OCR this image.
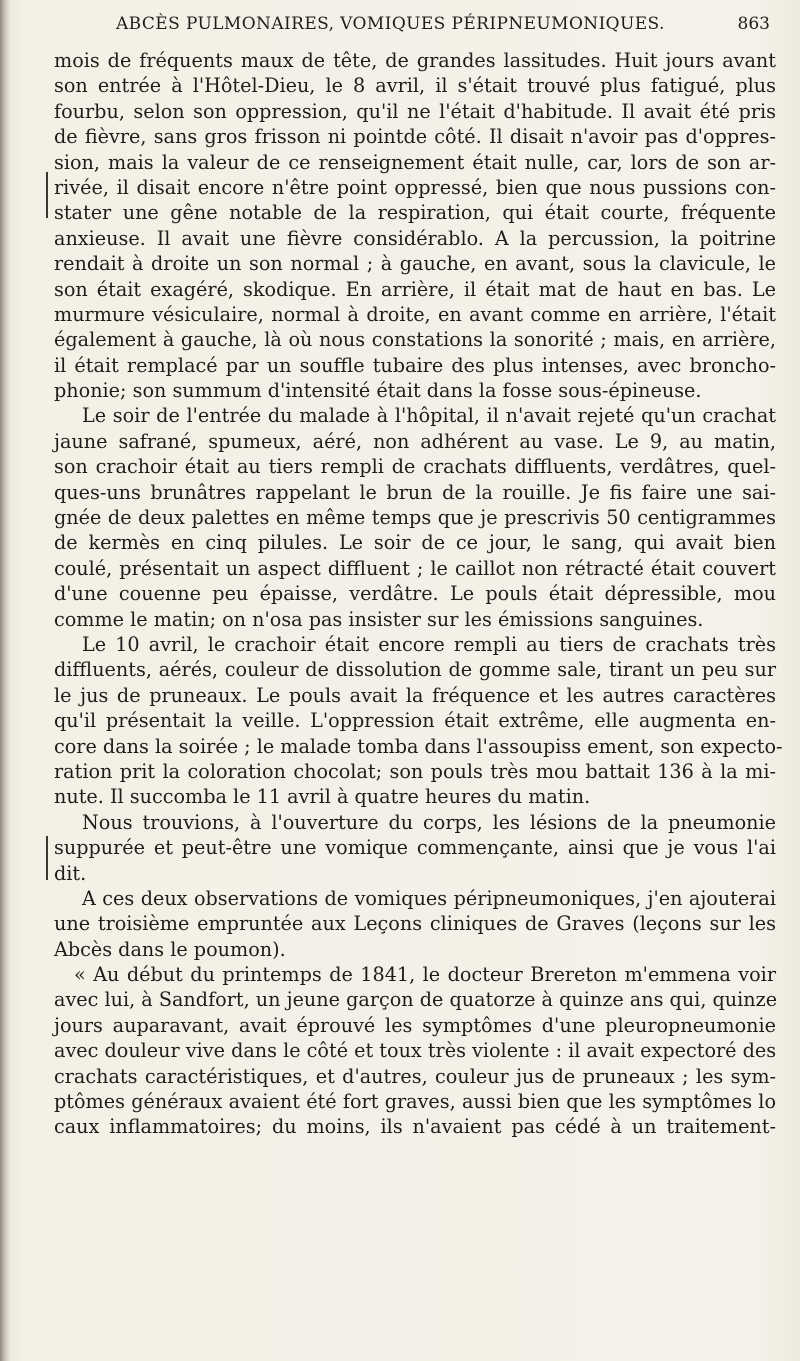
ABCÈS PULMONAIRES, VOMIQUES PÉRIPNEUMONIQUES.	863
mois de fréquents maux de tête, de grandes lassitudes. Huit jours avant
son entrée à l'Hôtel-Dieu, le 8 avril, il s'était trouvé plus fatigué, plus
fourbu, selon son oppression, qu'il ne l'était d'habitude. Il avait été pris
de fièvre, sans gros frisson ni pointde côté. Il disait n'avoir pas d'oppres-
sion, mais la valeur de ce renseignement était nulle, car, lors de son ar-
rivée, il disait encore n'être point oppressé, bien que nous pussions con-
stater une gêne notable de la respiration, qui était courte, fréquente
anxieuse. Il avait une fièvre considérablo. A la percussion, la poitrine
rendait à droite un son normal ; à gauche, en avant, sous la clavicule, le
son était exagéré, skodique. En arrière, il était mat de haut en bas. Le
murmure vésiculaire, normal à droite, en avant comme en arrière, l'était
également à gauche, là où nous constations la sonorité ; mais, en arrière,
il était remplacé par un souffle tubaire des plus intenses, avec broncho-
phonie; son summum d'intensité était dans la fosse sous-épineuse.
Le soir de l'entrée du malade à l'hôpital, il n'avait rejeté qu'un crachat
jaune safrané, spumeux, aéré, non adhérent au vase. Le 9, au matin,
son crachoir était au tiers rempli de crachats diffluents, verdâtres, quel-
ques-uns brunâtres rappelant le brun de la rouille. Je fis faire une sai-
gnée de deux palettes en même temps que je prescrivis 50 centigrammes
de kermès en cinq pilules. Le soir de ce jour, le sang, qui avait bien
coulé, présentait un aspect diffluent ; le caillot non rétracté était couvert
d'une couenne peu épaisse, verdâtre. Le pouls était dépressible, mou
comme le matin; on n'osa pas insister sur les émissions sanguines.
Le 10 avril, le crachoir était encore rempli au tiers de crachats très
diffluents, aérés, couleur de dissolution de gomme sale, tirant un peu sur
le jus de pruneaux. Le pouls avait la fréquence et les autres caractères
qu'il présentait la veille. L'oppression était extrême, elle augmenta en-
core dans la soirée ; le malade tomba dans l'assoupiss ement, son expecto-
ration prit la coloration chocolat; son pouls très mou battait 136 à la mi-
nute. Il succomba le 11 avril à quatre heures du matin.
Nous trouvions, à l'ouverture du corps, les lésions de la pneumonie
suppurée et peut-être une vomique commençante, ainsi que je vous l'ai
dit.
A ces deux observations de vomiques péripneumoniques, j'en ajouterai
une troisième empruntée aux Leçons cliniques de Graves (leçons sur les
Abcès dans le poumon).
« Au début du printemps de 1841, le docteur Brereton m'emmena voir
avec lui, à Sandfort, un jeune garçon de quatorze à quinze ans qui, quinze
jours auparavant, avait éprouvé les symptômes d'une pleuropneumonie
avec douleur vive dans le côté et toux très violente : il avait expectoré des
crachats caractéristiques, et d'autres, couleur jus de pruneaux ; les sym-
ptômes généraux avaient été fort graves, aussi bien que les symptômes lo
caux inflammatoires; du moins, ils n'avaient pas cédé à un traitement-
